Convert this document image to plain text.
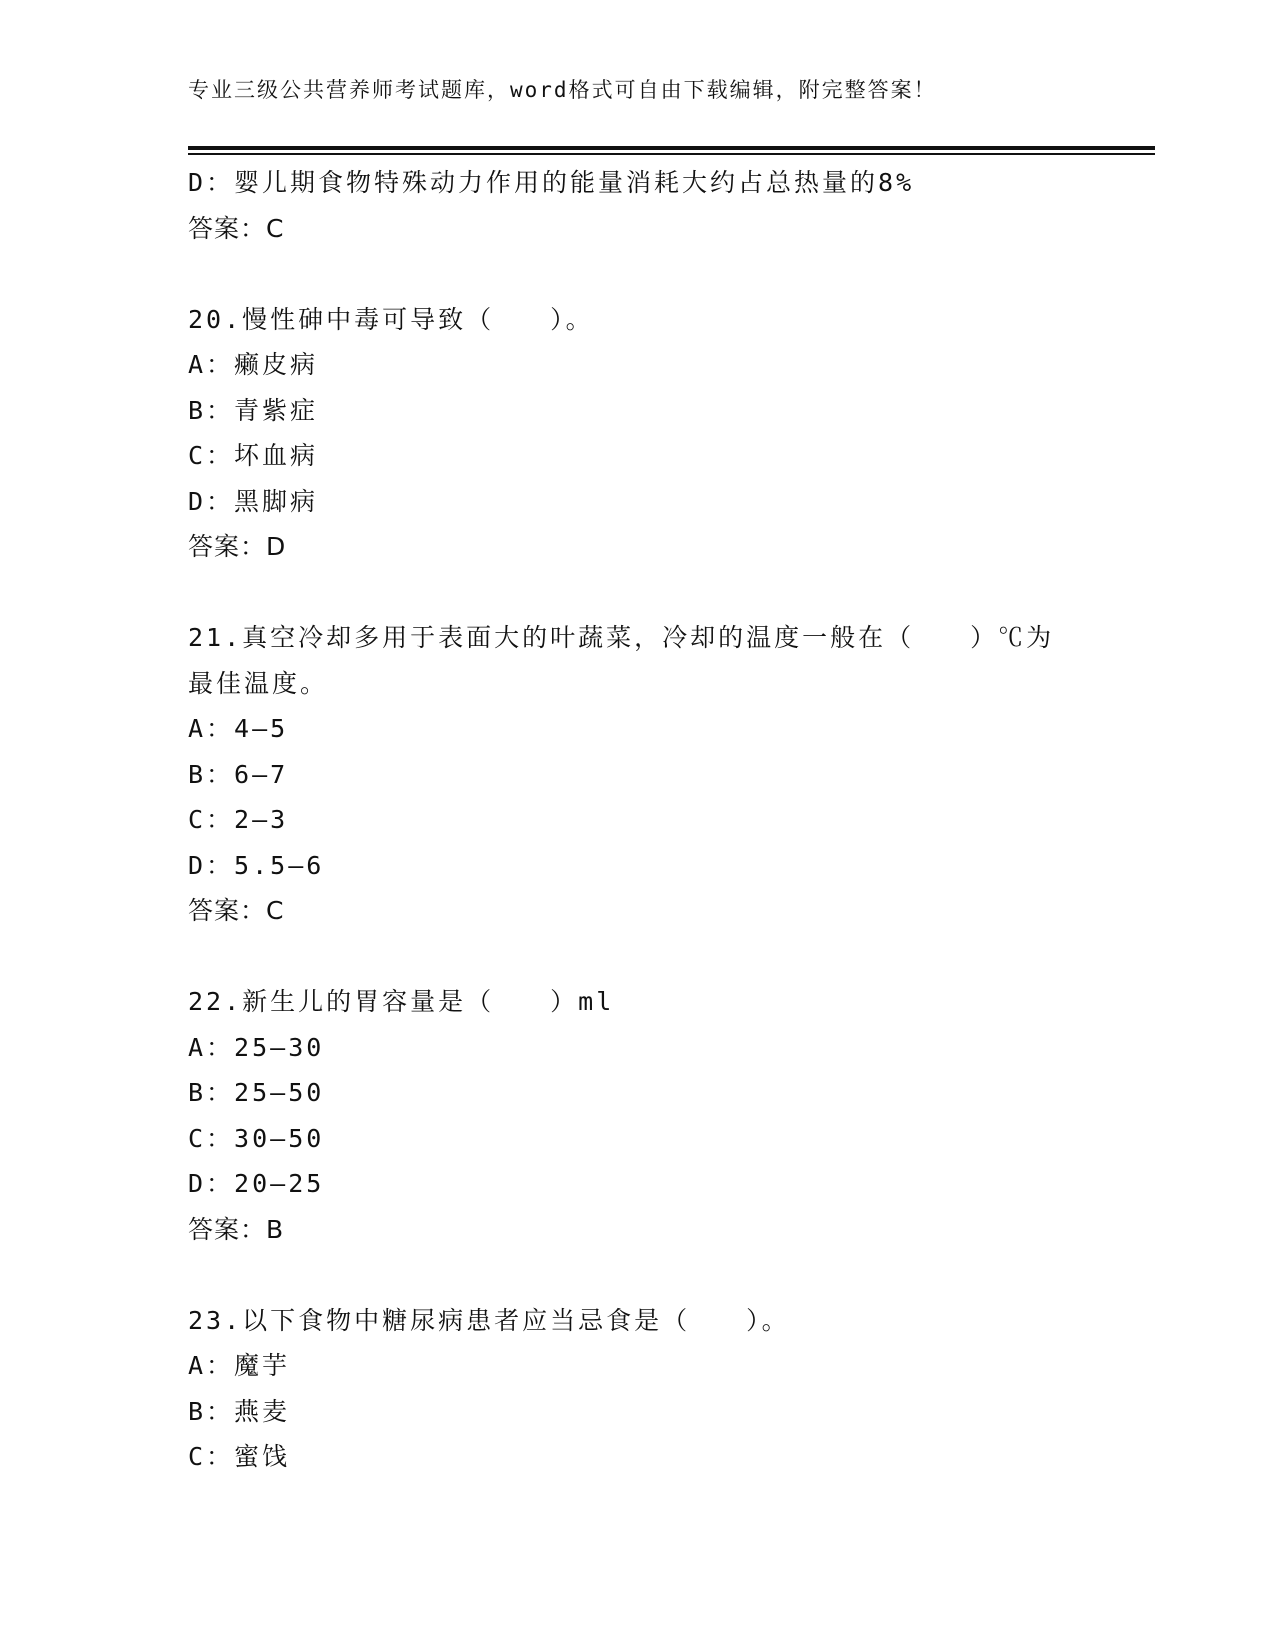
专业三级公共营养师考试题库，word格式可自由下载编辑，附完整答案！
D：婴儿期食物特殊动力作用的能量消耗大约占总热量的8%
答案：C
20.慢性砷中毒可导致（　　）。
A：癞皮病
B：青紫症
C：坏血病
D：黑脚病
答案：D
21.真空冷却多用于表面大的叶蔬菜，冷却的温度一般在（　　）℃为
最佳温度。
A：4—5
B：6—7
C：2—3
D：5.5—6
答案：C
22.新生儿的胃容量是（　　）ml
A：25—30
B：25—50
C：30—50
D：20—25
答案：B
23.以下食物中糖尿病患者应当忌食是（　　）。
A：魔芋
B：燕麦
C：蜜饯
